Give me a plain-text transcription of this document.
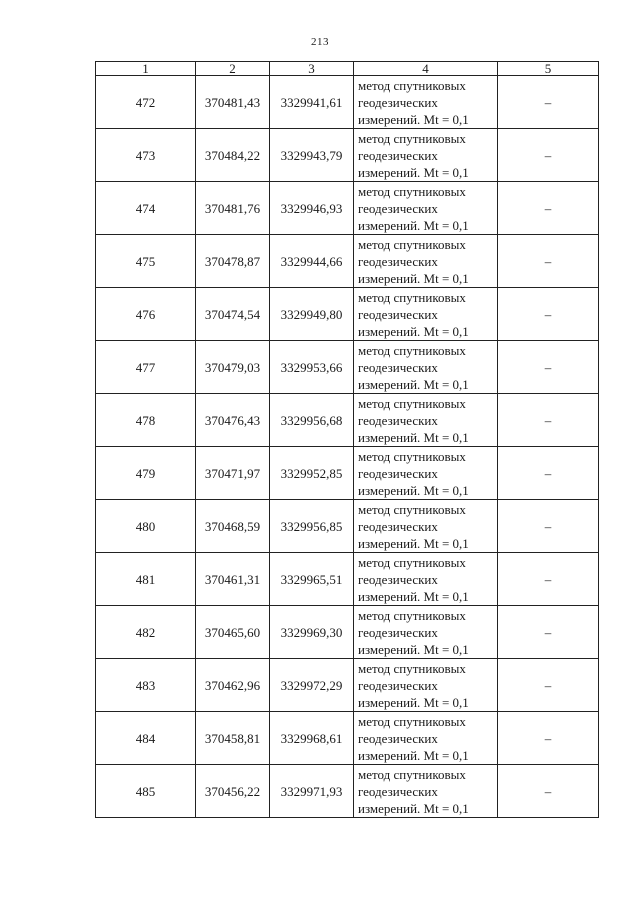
213
1	2	3	4	5
472	370481,43	3329941,61	метод спутниковых
геодезических
измерений. Mt = 0,1	–
473	370484,22	3329943,79	метод спутниковых
геодезических
измерений. Mt = 0,1	–
474	370481,76	3329946,93	метод спутниковых
геодезических
измерений. Mt = 0,1	–
475	370478,87	3329944,66	метод спутниковых
геодезических
измерений. Mt = 0,1	–
476	370474,54	3329949,80	метод спутниковых
геодезических
измерений. Mt = 0,1	–
477	370479,03	3329953,66	метод спутниковых
геодезических
измерений. Mt = 0,1	–
478	370476,43	3329956,68	метод спутниковых
геодезических
измерений. Mt = 0,1	–
479	370471,97	3329952,85	метод спутниковых
геодезических
измерений. Mt = 0,1	–
480	370468,59	3329956,85	метод спутниковых
геодезических
измерений. Mt = 0,1	–
481	370461,31	3329965,51	метод спутниковых
геодезических
измерений. Mt = 0,1	–
482	370465,60	3329969,30	метод спутниковых
геодезических
измерений. Mt = 0,1	–
483	370462,96	3329972,29	метод спутниковых
геодезических
измерений. Mt = 0,1	–
484	370458,81	3329968,61	метод спутниковых
геодезических
измерений. Mt = 0,1	–
485	370456,22	3329971,93	метод спутниковых
геодезических
измерений. Mt = 0,1	–
